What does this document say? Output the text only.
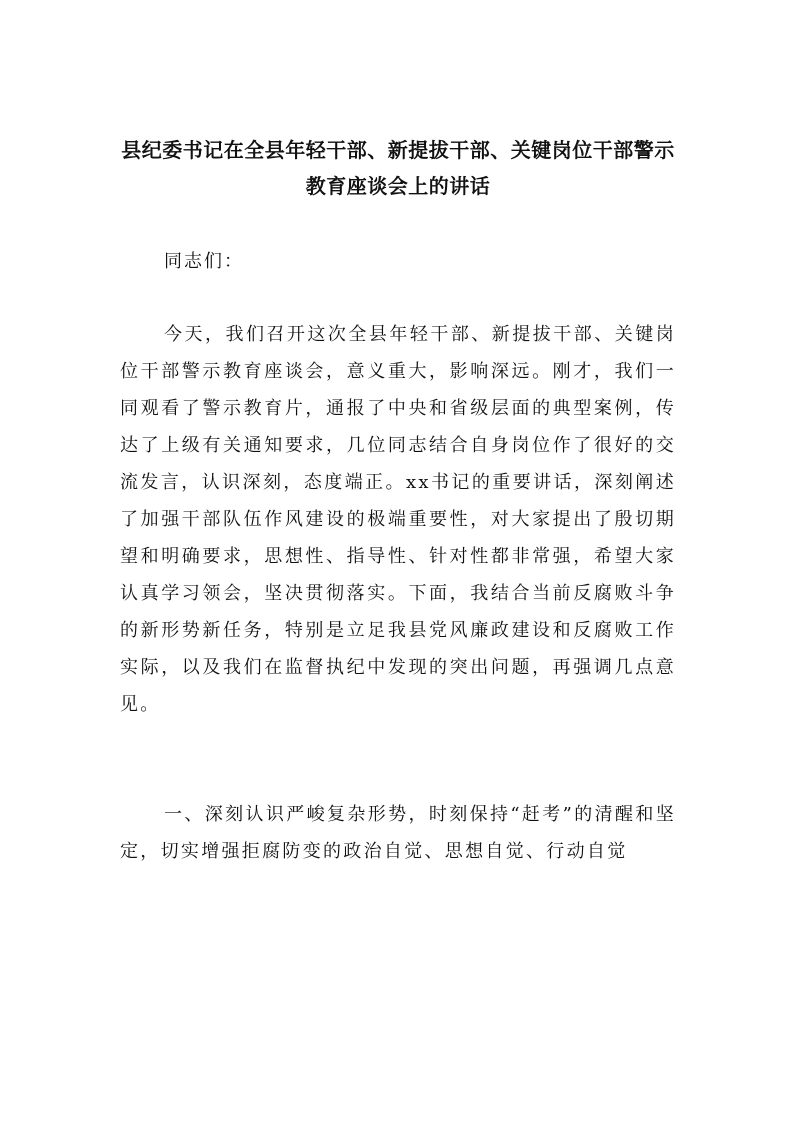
县纪委书记在全县年轻干部、新提拔干部、关键岗位干部警示教育座谈会上的讲话

同志们：

今天，我们召开这次全县年轻干部、新提拔干部、关键岗位干部警示教育座谈会，意义重大，影响深远。刚才，我们一同观看了警示教育片，通报了中央和省级层面的典型案例，传达了上级有关通知要求，几位同志结合自身岗位作了很好的交流发言，认识深刻，态度端正。xx书记的重要讲话，深刻阐述了加强干部队伍作风建设的极端重要性，对大家提出了殷切期望和明确要求，思想性、指导性、针对性都非常强，希望大家认真学习领会，坚决贯彻落实。下面，我结合当前反腐败斗争的新形势新任务，特别是立足我县党风廉政建设和反腐败工作实际，以及我们在监督执纪中发现的突出问题，再强调几点意见。

一、深刻认识严峻复杂形势，时刻保持“赶考”的清醒和坚定，切实增强拒腐防变的政治自觉、思想自觉、行动自觉
